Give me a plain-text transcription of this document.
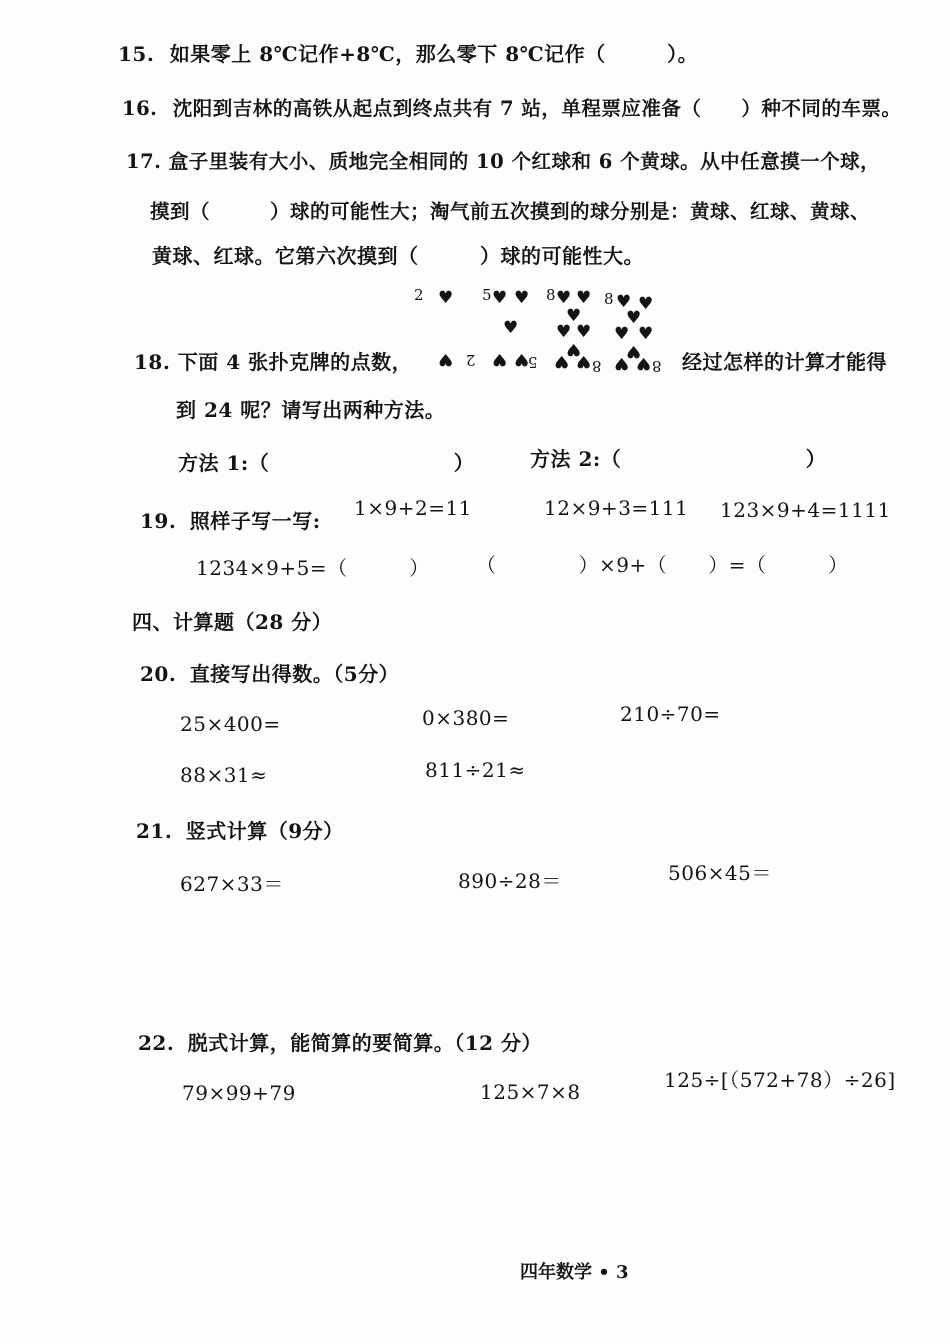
15. 如果零上 8℃记作+8℃，那么零下 8℃记作（　　　）。
16. 沈阳到吉林的高铁从起点到终点共有 7 站，单程票应准备（　　）种不同的车票。
17. 盒子里装有大小、质地完全相同的 10 个红球和 6 个黄球。从中任意摸一个球，
摸到（　　　）球的可能性大；淘气前五次摸到的球分别是：黄球、红球、黄球、
黄球、红球。它第六次摸到（　　　）球的可能性大。
2 ♥
♥ 2
5 ♥ ♥
♥
♥ ♥
5
8 ♥ ♥
♥
♥ ♥
♥
♥ ♥ 8
8 ♥ ♥
♥
♥ ♥
♥
♥ ♥ 8
18. 下面 4 张扑克牌的点数，	经过怎样的计算才能得
到 24 呢？请写出两种方法。
方法 1:（　　　　　　　　　）	方法 2:（　　　　　　　　　）
19. 照样子写一写:
1×9+2=11	12×9+3=111 123×9+4=1111
1234×9+5=（　　　） （　　　　）×9+（　　）=（　　　）
四、计算题（28 分）
20. 直接写出得数。（5分）
25×400=	0×380=	210÷70=
88×31≈	811÷21≈
21. 竖式计算（9分）
627×33＝	890÷28＝	506×45＝
22. 脱式计算，能简算的要简算。（12 分）
79×99+79	125×7×8	125÷[（572+78）÷26]
四年数学 • 3
